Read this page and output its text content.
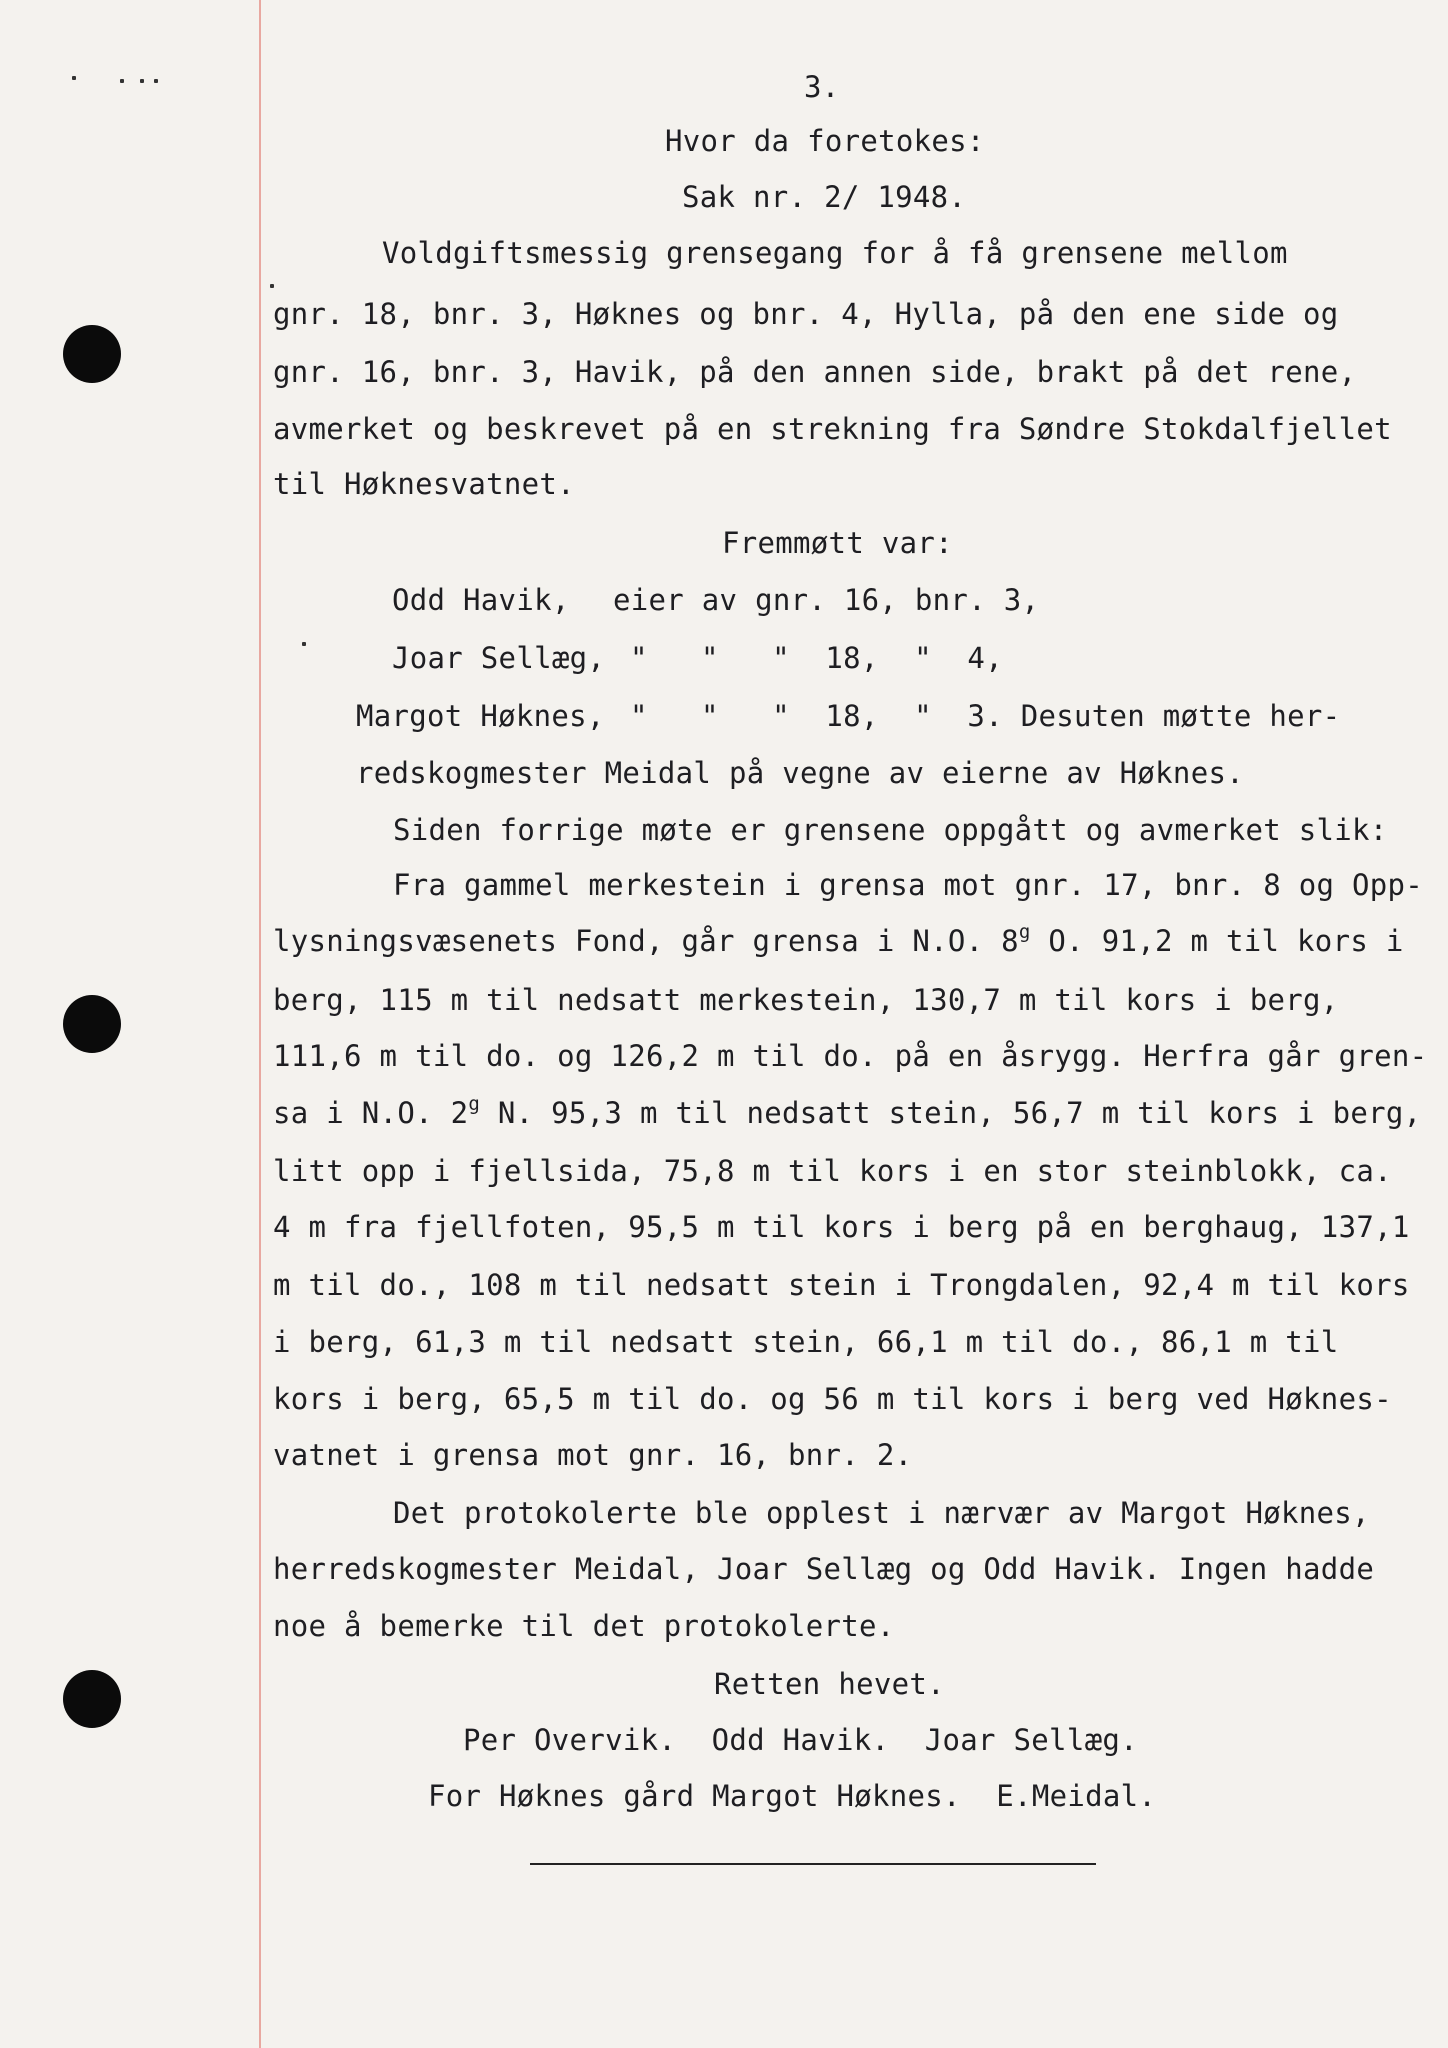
3.
Hvor da foretokes:
Sak nr. 2/ 1948.
Voldgiftsmessig grensegang for å få grensene mellom
gnr. 18, bnr. 3, Høknes og bnr. 4, Hylla, på den ene side og
gnr. 16, bnr. 3, Havik, på den annen side, brakt på det rene,
avmerket og beskrevet på en strekning fra Søndre Stokdalfjellet
til Høknesvatnet.
Fremmøtt var:
Odd Havik, eier av gnr. 16, bnr. 3,
Joar Sellæg, "   "   "  18,  "  4,
Margot Høknes, "   "   "  18,  "  3. Desuten møtte her-
redskogmester Meidal på vegne av eierne av Høknes.
Siden forrige møte er grensene oppgått og avmerket slik:
Fra gammel merkestein i grensa mot gnr. 17, bnr. 8 og Opp-
lysningsvæsenets Fond, går grensa i N.O. 8$^g$ O. 91,2 m til kors i
berg, 115 m til nedsatt merkestein, 130,7 m til kors i berg,
111,6 m til do. og 126,2 m til do. på en åsrygg. Herfra går gren-
sa i N.O. 2$^g$ N. 95,3 m til nedsatt stein, 56,7 m til kors i berg,
litt opp i fjellsida, 75,8 m til kors i en stor steinblokk, ca.
4 m fra fjellfoten, 95,5 m til kors i berg på en berghaug, 137,1
m til do., 108 m til nedsatt stein i Trongdalen, 92,4 m til kors
i berg, 61,3 m til nedsatt stein, 66,1 m til do., 86,1 m til
kors i berg, 65,5 m til do. og 56 m til kors i berg ved Høknes-
vatnet i grensa mot gnr. 16, bnr. 2.
Det protokolerte ble opplest i nærvær av Margot Høknes,
herredskogmester Meidal, Joar Sellæg og Odd Havik. Ingen hadde
noe å bemerke til det protokolerte.
Retten hevet.
Per Overvik.  Odd Havik.  Joar Sellæg.
For Høknes gård Margot Høknes.  E.Meidal.
